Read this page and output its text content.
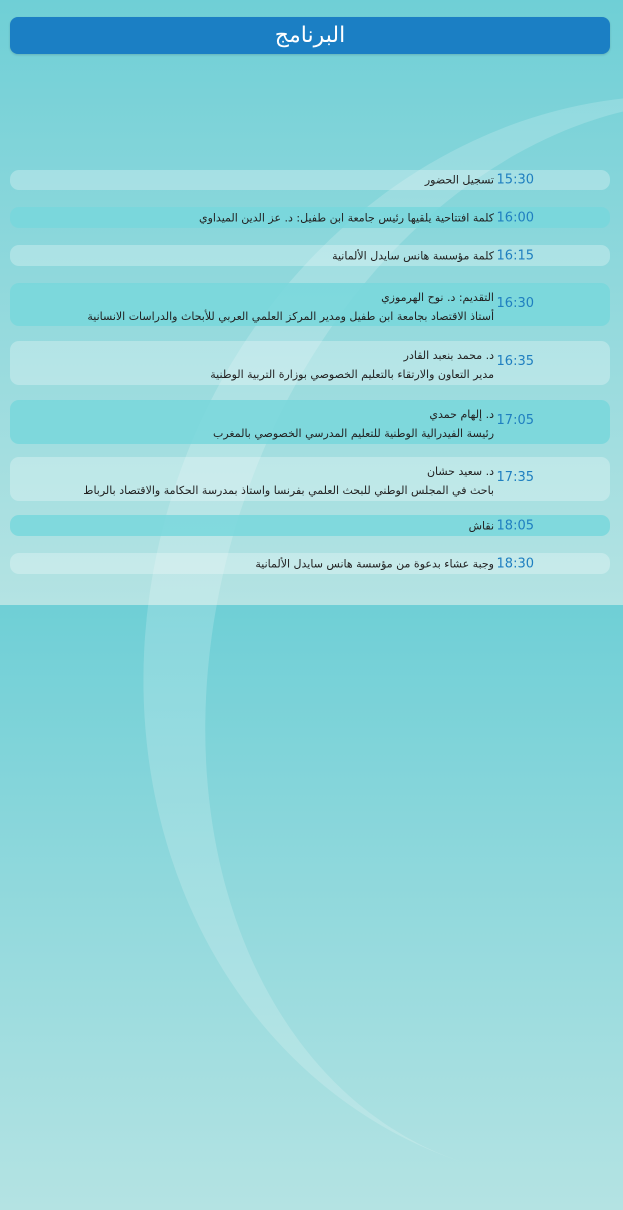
البرنامج
15:30
تسجيل الحضور
16:00
كلمة افتتاحية يلقيها رئيس جامعة ابن طفيل: د. عز الدين الميداوي
16:15
كلمة مؤسسة هانس سايدل الألمانية
16:30
التقديم: د. نوح الهرموزي
أستاذ الاقتصاد بجامعة ابن طفيل ومدير المركز العلمي العربي للأبحاث والدراسات الانسانية
16:35
د. محمد بنعبد القادر
مدير التعاون والارتقاء بالتعليم الخصوصي بوزارة التربية الوطنية
17:05
د. إلهام حمدي
رئيسة الفيدرالية الوطنية للتعليم المدرسي الخصوصي بالمغرب
17:35
د. سعيد حشان
باحث في المجلس الوطني للبحث العلمي بفرنسا واستاذ بمدرسة الحكامة والاقتصاد بالرباط
18:05
نقاش
18:30
وجبة عشاء بدعوة من مؤسسة هانس سايدل الألمانية
